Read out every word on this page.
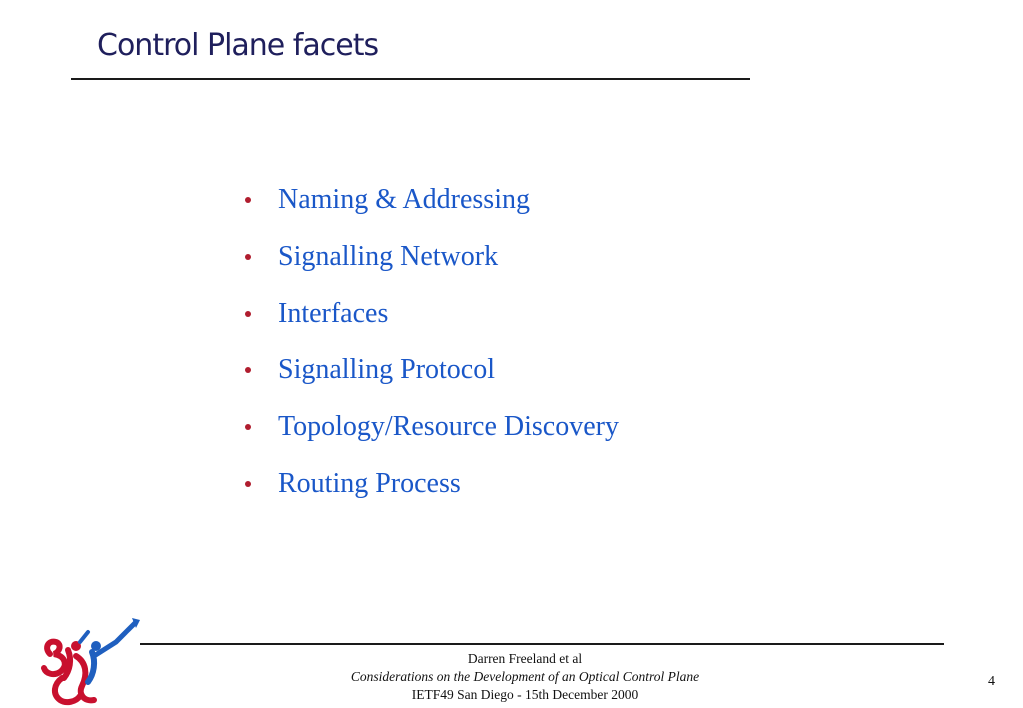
Control Plane facets
Naming & Addressing
Signalling Network
Interfaces
Signalling Protocol
Topology/Resource Discovery
Routing Process
Darren Freeland et al
Considerations on the Development of an Optical Control Plane
IETF49 San Diego - 15th December 2000
4
